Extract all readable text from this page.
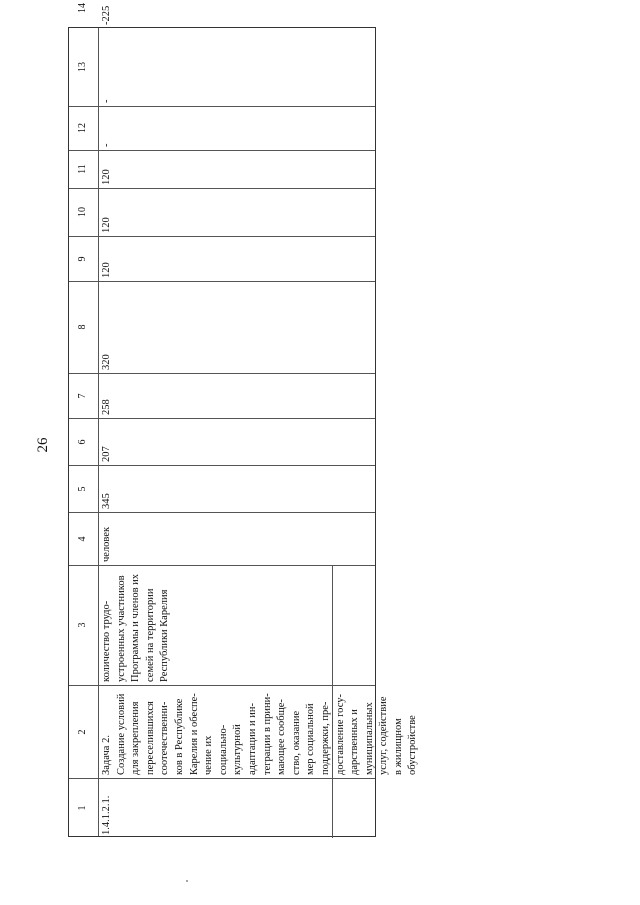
26
1
2
3
4
5
6
7
8
9
10
11
12
13
14
1.4.1.2.1.
Задача 2.
Создание условий
для закрепления
переселившихся
соотечественни-
ков в Республике
Карелия и обеспе-
чение их
социально-
культурной
адаптации и ин-
теграции в прини-
мающее сообще-
ство, оказание
мер социальной
поддержки, пре-
доставление госу-
дарственных и
муниципальных
услуг, содействие
в жилищном
обустройстве
количество трудо-
устроенных участников
Программы и членов их
семей на территории
Республики Карелия
человек
345
207
258
320
120
120
120
-
-
-225
